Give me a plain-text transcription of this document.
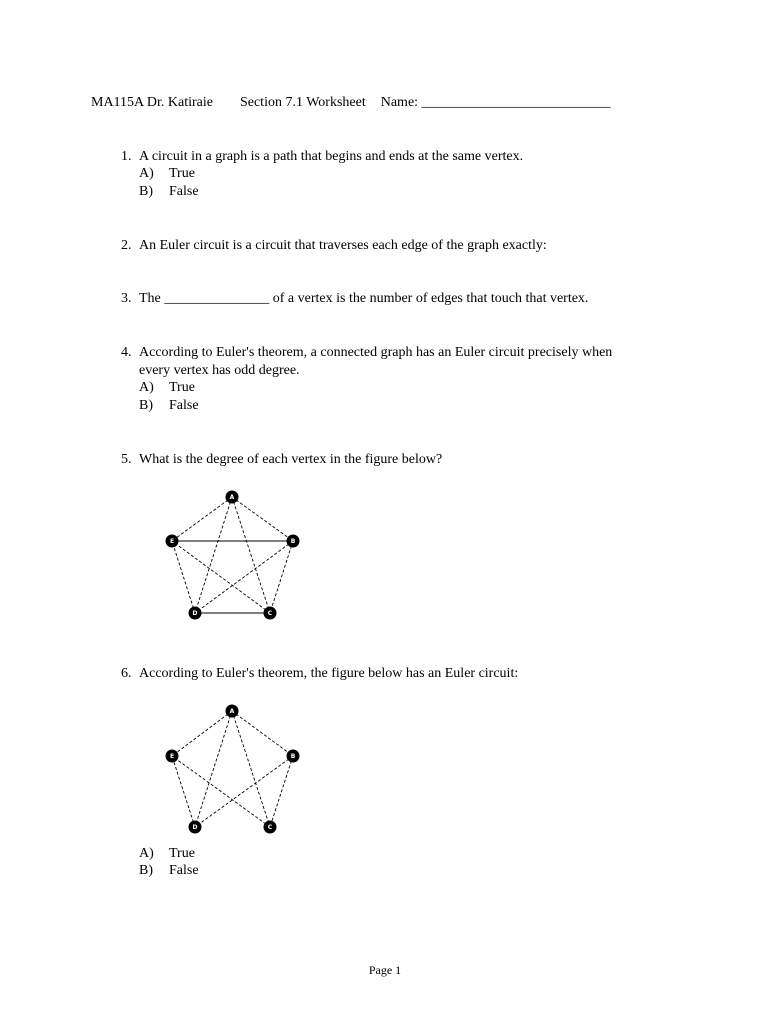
MA115A Dr. Katiraie Section 7.1 Worksheet Name: ___________________________
1. A circuit in a graph is a path that begins and ends at the same vertex.
A) True
B) False
2. An Euler circuit is a circuit that traverses each edge of the graph exactly:
3. The _______________ of a vertex is the number of edges that touch that vertex.
4. According to Euler's theorem, a connected graph has an Euler circuit precisely when
every vertex has odd degree.
A) True
B) False
5. What is the degree of each vertex in the figure below?
A
B
C
D
E
6. According to Euler's theorem, the figure below has an Euler circuit:
A) True
B) False
A
B
C
D
E
Page 1
